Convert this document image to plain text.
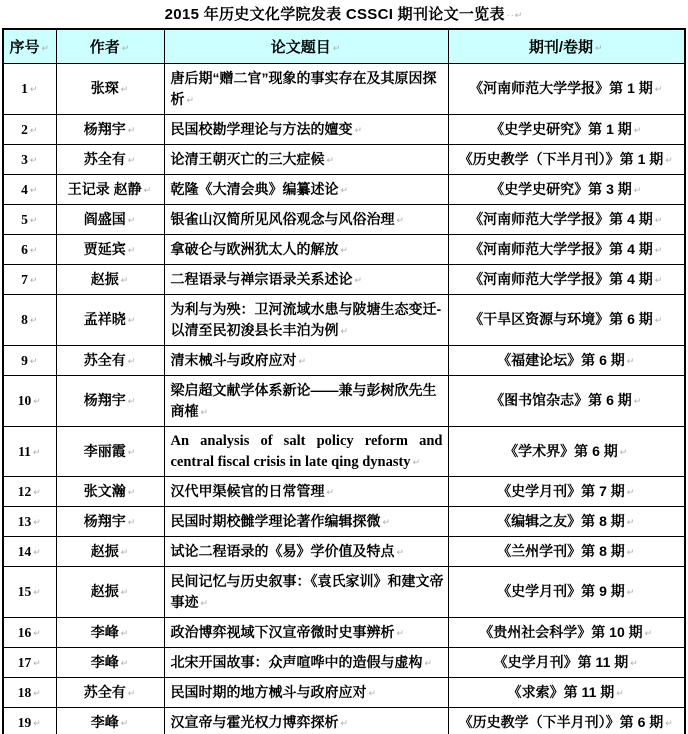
2015 年历史文化学院发表 CSSCI 期刊论文一览表 ··↵
序号 ↵	作者 ↵	论文题目 ↵	期刊/卷期 ↵
1 ↵	张琛 ↵	唐后期“赠二官”现象的事实存在及其原因探析 ↵	《河南师范大学学报》第 1 期 ↵
2 ↵	杨翔宇 ↵	民国校勘学理论与方法的嬗变 ↵	《史学史研究》第 1 期 ↵
3 ↵	苏全有 ↵	论清王朝灭亡的三大症候 ↵	《历史教学（下半月刊）》第 1 期 ↵
4 ↵	王记录 赵静 ↵	乾隆《大清会典》编纂述论 ↵	《史学史研究》第 3 期 ↵
5 ↵	阎盛国 ↵	银雀山汉简所见风俗观念与风俗治理 ↵	《河南师范大学学报》第 4 期 ↵
6 ↵	贾延宾 ↵	拿破仑与欧洲犹太人的解放 ↵	《河南师范大学学报》第 4 期 ↵
7 ↵	赵振 ↵	二程语录与禅宗语录关系述论 ↵	《河南师范大学学报》第 4 期 ↵
8 ↵	孟祥晓 ↵	为利与为殃：卫河流域水患与陂塘生态变迁-以清至民初浚县长丰泊为例 ↵	《干旱区资源与环境》第 6 期 ↵
9 ↵	苏全有 ↵	清末械斗与政府应对 ↵	《福建论坛》第 6 期 ↵
10 ↵	杨翔宇 ↵	梁启超文献学体系新论——兼与彭树欣先生商榷 ↵	《图书馆杂志》第 6 期 ↵
11 ↵	李丽霞 ↵	An analysis of salt policy reform and central fiscal crisis in late qing dynasty ↵	《学术界》第 6 期 ↵
12 ↵	张文瀚 ↵	汉代甲渠候官的日常管理 ↵	《史学月刊》第 7 期 ↵
13 ↵	杨翔宇 ↵	民国时期校雠学理论著作编辑探微 ↵	《编辑之友》第 8 期 ↵
14 ↵	赵振 ↵	试论二程语录的《易》学价值及特点 ↵	《兰州学刊》第 8 期 ↵
15 ↵	赵振 ↵	民间记忆与历史叙事：《袁氏家训》和建文帝事迹 ↵	《史学月刊》第 9 期 ↵
16 ↵	李峰 ↵	政治博弈视域下汉宣帝微时史事辨析 ↵	《贵州社会科学》第 10 期 ↵
17 ↵	李峰 ↵	北宋开国故事：众声喧哗中的造假与虚构 ↵	《史学月刊》第 11 期 ↵
18 ↵	苏全有 ↵	民国时期的地方械斗与政府应对 ↵	《求索》第 11 期 ↵
19 ↵	李峰 ↵	汉宣帝与霍光权力博弈探析 ↵	《历史教学（下半月刊）》第 6 期 ↵
